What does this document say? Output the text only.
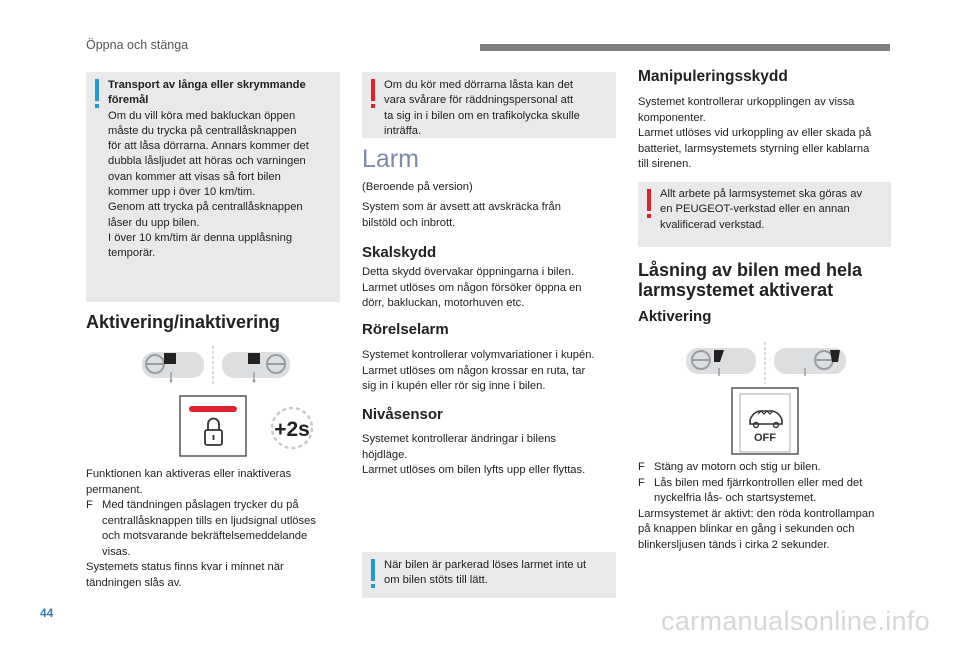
Öppna och stänga
Transport av långa eller skrymmande föremål
Om du vill köra med bakluckan öppen
måste du trycka på centrallåsknappen
för att låsa dörrarna. Annars kommer det
dubbla låsljudet att höras och varningen
ovan kommer att visas så fort bilen
kommer upp i över 10 km/tim.
Genom att trycka på centrallåsknappen
låser du upp bilen.
I över 10 km/tim är denna upplåsning
temporär.
Aktivering/inaktivering
+2s
Funktionen kan aktiveras eller inaktiveras
permanent.
F Med tändningen påslagen trycker du på
centrallåsknappen tills en ljudsignal utlöses
och motsvarande bekräftelsemeddelande
visas.
Systemets status finns kvar i minnet när
tändningen slås av.
Om du kör med dörrarna låsta kan det
vara svårare för räddningspersonal att
ta sig in i bilen om en trafikolycka skulle
inträffa.
Larm
(Beroende på version)
System som är avsett att avskräcka från
bilstöld och inbrott.
Skalskydd
Detta skydd övervakar öppningarna i bilen.
Larmet utlöses om någon försöker öppna en
dörr, bakluckan, motorhuven etc.
Rörelselarm
Systemet kontrollerar volymvariationer i kupén.
Larmet utlöses om någon krossar en ruta, tar
sig in i kupén eller rör sig inne i bilen.
Nivåsensor
Systemet kontrollerar ändringar i bilens
höjdläge.
Larmet utlöses om bilen lyfts upp eller flyttas.
När bilen är parkerad löses larmet inte ut
om bilen stöts till lätt.
Manipuleringsskydd
Systemet kontrollerar urkopplingen av vissa
komponenter.
Larmet utlöses vid urkoppling av eller skada på
batteriet, larmsystemets styrning eller kablarna
till sirenen.
Allt arbete på larmsystemet ska göras av
en PEUGEOT-verkstad eller en annan
kvalificerad verkstad.
Låsning av bilen med hela
larmsystemet aktiverat
Aktivering
OFF
F Stäng av motorn och stig ur bilen.
F Lås bilen med fjärrkontrollen eller med det
nyckelfria lås- och startsystemet.
Larmsystemet är aktivt: den röda kontrollampan
på knappen blinkar en gång i sekunden och
blinkersljusen tänds i cirka 2 sekunder.
44	carmanualsonline.info
